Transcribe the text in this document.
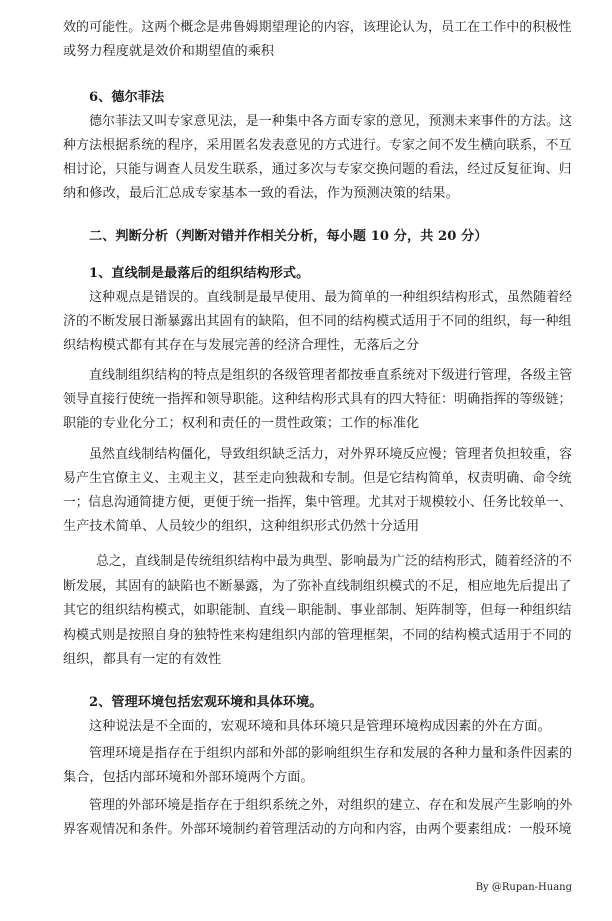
效的可能性。这两个概念是弗鲁姆期望理论的内容，该理论认为，员工在工作中的积极性
或努力程度就是效价和期望值的乘积
6、德尔菲法
德尔菲法又叫专家意见法，是一种集中各方面专家的意见，预测未来事件的方法。这
种方法根据系统的程序，采用匿名发表意见的方式进行。专家之间不发生横向联系，不互
相讨论，只能与调查人员发生联系，通过多次与专家交换问题的看法，经过反复征询、归
纳和修改，最后汇总成专家基本一致的看法，作为预测决策的结果。
二、判断分析（判断对错并作相关分析，每小题 10 分，共 20 分）
1、直线制是最落后的组织结构形式。
这种观点是错误的。直线制是最早使用、最为简单的一种组织结构形式，虽然随着经
济的不断发展日渐暴露出其固有的缺陷，但不同的结构模式适用于不同的组织，每一种组
织结构模式都有其存在与发展完善的经济合理性，无落后之分
直线制组织结构的特点是组织的各级管理者都按垂直系统对下级进行管理，各级主管
领导直接行使统一指挥和领导职能。这种结构形式具有的四大特征：明确指挥的等级链；
职能的专业化分工；权利和责任的一贯性政策；工作的标准化
虽然直线制结构僵化，导致组织缺乏活力，对外界环境反应慢；管理者负担较重，容
易产生官僚主义、主观主义，甚至走向独裁和专制。但是它结构简单，权责明确、命令统
一；信息沟通简捷方便，更便于统一指挥，集中管理。尤其对于规模较小、任务比较单一、
生产技术简单、人员较少的组织，这种组织形式仍然十分适用
总之，直线制是传统组织结构中最为典型、影响最为广泛的结构形式，随着经济的不
断发展，其固有的缺陷也不断暴露，为了弥补直线制组织模式的不足，相应地先后提出了
其它的组织结构模式，如职能制、直线－职能制、事业部制、矩阵制等，但每一种组织结
构模式则是按照自身的独特性来构建组织内部的管理框架，不同的结构模式适用于不同的
组织，都具有一定的有效性
2、管理环境包括宏观环境和具体环境。
这种说法是不全面的，宏观环境和具体环境只是管理环境构成因素的外在方面。
管理环境是指存在于组织内部和外部的影响组织生存和发展的各种力量和条件因素的
集合，包括内部环境和外部环境两个方面。
管理的外部环境是指存在于组织系统之外，对组织的建立、存在和发展产生影响的外
界客观情况和条件。外部环境制约着管理活动的方向和内容，由两个要素组成：一般环境
By @Rupan-Huang
